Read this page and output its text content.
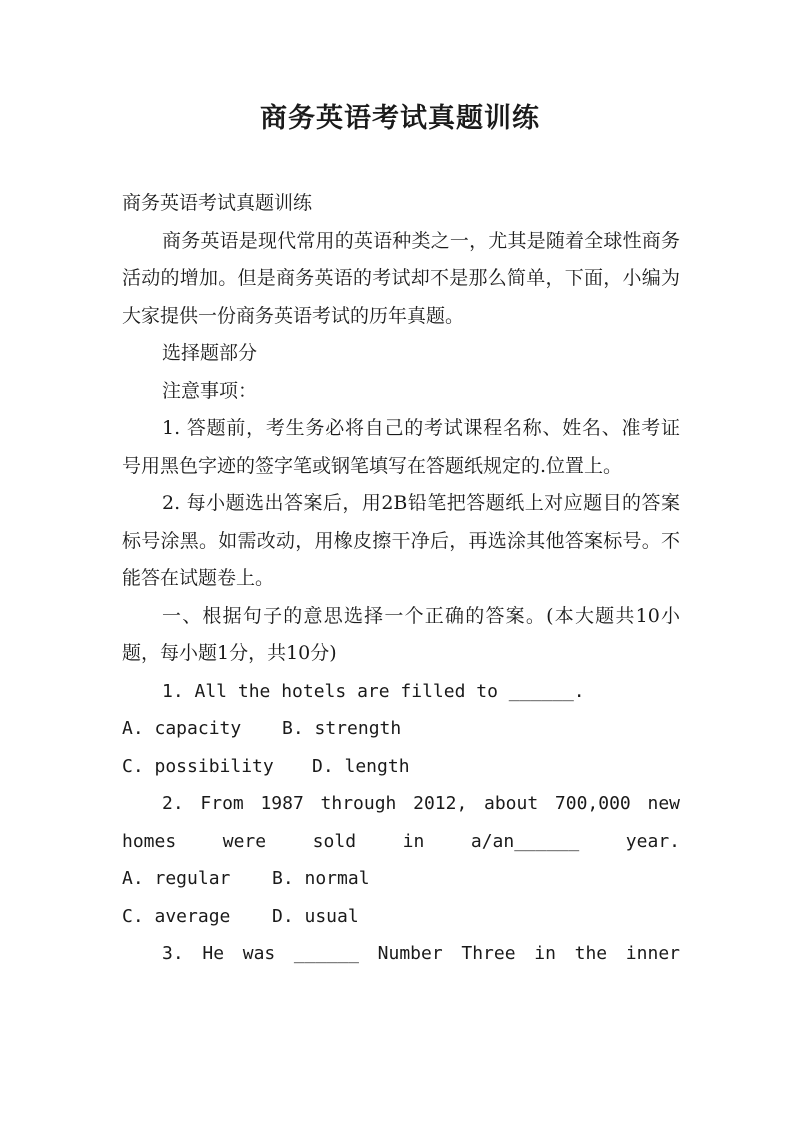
商务英语考试真题训练

商务英语考试真题训练

商务英语是现代常用的英语种类之一，尤其是随着全球性商务活动的增加。但是商务英语的考试却不是那么简单，下面，小编为大家提供一份商务英语考试的历年真题。

选择题部分

注意事项：

1. 答题前，考生务必将自己的考试课程名称、姓名、准考证号用黑色字迹的签字笔或钢笔填写在答题纸规定的.位置上。

2. 每小题选出答案后，用2B铅笔把答题纸上对应题目的答案标号涂黑。如需改动，用橡皮擦干净后，再选涂其他答案标号。不能答在试题卷上。

一、根据句子的意思选择一个正确的答案。(本大题共10小题，每小题1分，共10分)

1. All the hotels are filled to ______.

A. capacity B. strength

C. possibility D. length

2. From 1987 through 2012, about 700,000 new homes were sold in a/an______ year.

A. regular B. normal

C. average D. usual

3. He was ______ Number Three in the inner
